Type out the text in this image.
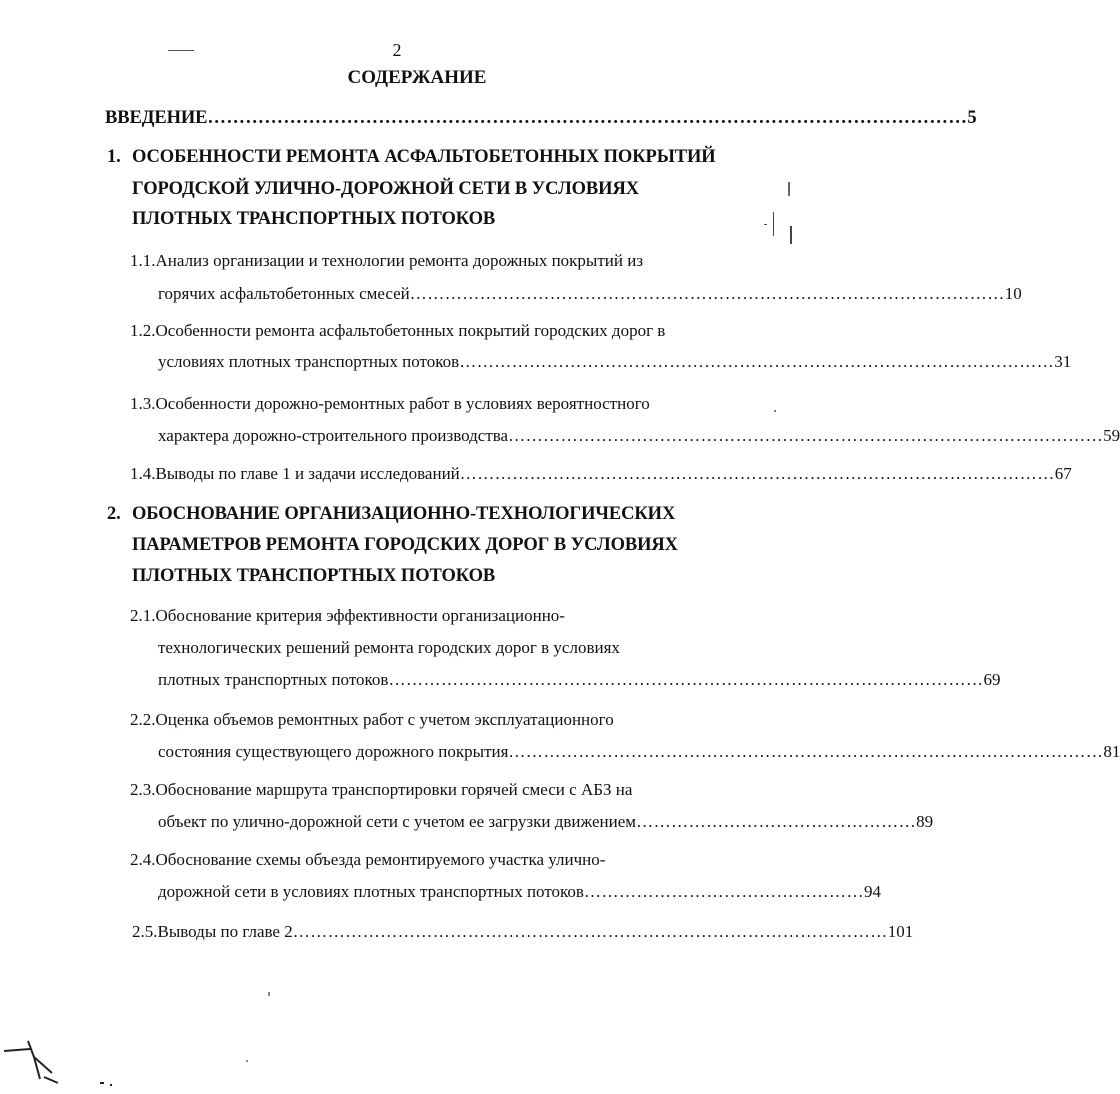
2
СОДЕРЖАНИЕ
ВВЕДЕНИЕ ………………………………………………………………………………………………………… 5
1. ОСОБЕННОСТИ РЕМОНТА АСФАЛЬТОБЕТОННЫХ ПОКРЫТИЙ
ГОРОДСКОЙ УЛИЧНО-ДОРОЖНОЙ СЕТИ В УСЛОВИЯХ
ПЛОТНЫХ ТРАНСПОРТНЫХ ПОТОКОВ
1.1.Анализ организации и технологии ремонта дорожных покрытий из
горячих асфальтобетонных смесей ………………………………………………………………………………………… 10
1.2.Особенности ремонта асфальтобетонных покрытий городских дорог в
условиях плотных транспортных потоков ………………………………………………………………………………………… 31
1.3.Особенности дорожно-ремонтных работ в условиях вероятностного
характера дорожно-строительного производства ………………………………………………………………………………………… 59
1.4.Выводы по главе 1 и задачи исследований ………………………………………………………………………………………… 67
2. ОБОСНОВАНИЕ ОРГАНИЗАЦИОННО-ТЕХНОЛОГИЧЕСКИХ
ПАРАМЕТРОВ РЕМОНТА ГОРОДСКИХ ДОРОГ В УСЛОВИЯХ
ПЛОТНЫХ ТРАНСПОРТНЫХ ПОТОКОВ
2.1.Обоснование критерия эффективности организационно-
технологических решений ремонта городских дорог в условиях
плотных транспортных потоков ………………………………………………………………………………………… 69
2.2.Оценка объемов ремонтных работ с учетом эксплуатационного
состояния существующего дорожного покрытия ………………………………………………………………………………………… 81
2.3.Обоснование маршрута транспортировки горячей смеси с АБЗ на
объект по улично-дорожной сети с учетом ее загрузки движением ………………………………………… 89
2.4.Обоснование схемы объезда ремонтируемого участка улично-
дорожной сети в условиях плотных транспортных потоков ………………………………………… 94
2.5.Выводы по главе 2 ………………………………………………………………………………………… 101
